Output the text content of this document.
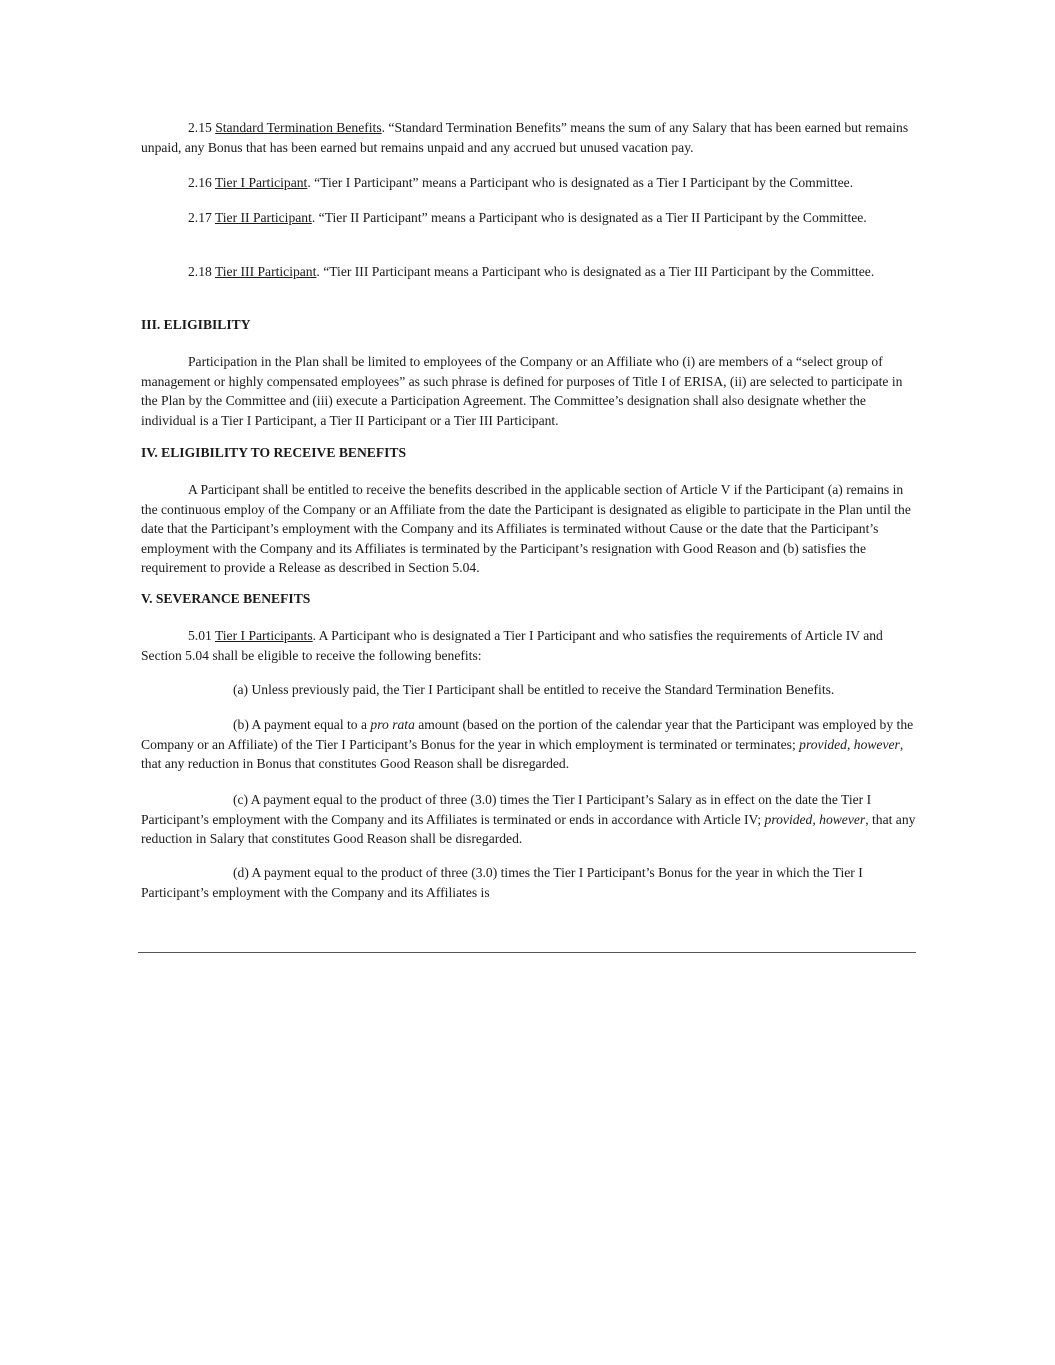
2.15 Standard Termination Benefits. “Standard Termination Benefits” means the sum of any Salary that has been earned but remains unpaid, any Bonus that has been earned but remains unpaid and any accrued but unused vacation pay.

2.16 Tier I Participant. “Tier I Participant” means a Participant who is designated as a Tier I Participant by the Committee.

2.17 Tier II Participant. “Tier II Participant” means a Participant who is designated as a Tier II Participant by the Committee.

2.18 Tier III Participant. “Tier III Participant means a Participant who is designated as a Tier III Participant by the Committee.

III. ELIGIBILITY

Participation in the Plan shall be limited to employees of the Company or an Affiliate who (i) are members of a “select group of management or highly compensated employees” as such phrase is defined for purposes of Title I of ERISA, (ii) are selected to participate in the Plan by the Committee and (iii) execute a Participation Agreement. The Committee’s designation shall also designate whether the individual is a Tier I Participant, a Tier II Participant or a Tier III Participant.

IV. ELIGIBILITY TO RECEIVE BENEFITS

A Participant shall be entitled to receive the benefits described in the applicable section of Article V if the Participant (a) remains in the continuous employ of the Company or an Affiliate from the date the Participant is designated as eligible to participate in the Plan until the date that the Participant’s employment with the Company and its Affiliates is terminated without Cause or the date that the Participant’s employment with the Company and its Affiliates is terminated by the Participant’s resignation with Good Reason and (b) satisfies the requirement to provide a Release as described in Section 5.04.

V. SEVERANCE BENEFITS

5.01 Tier I Participants. A Participant who is designated a Tier I Participant and who satisfies the requirements of Article IV and Section 5.04 shall be eligible to receive the following benefits:

(a) Unless previously paid, the Tier I Participant shall be entitled to receive the Standard Termination Benefits.

(b) A payment equal to a pro rata amount (based on the portion of the calendar year that the Participant was employed by the Company or an Affiliate) of the Tier I Participant’s Bonus for the year in which employment is terminated or terminates; provided, however, that any reduction in Bonus that constitutes Good Reason shall be disregarded.

(c) A payment equal to the product of three (3.0) times the Tier I Participant’s Salary as in effect on the date the Tier I Participant’s employment with the Company and its Affiliates is terminated or ends in accordance with Article IV; provided, however, that any reduction in Salary that constitutes Good Reason shall be disregarded.

(d) A payment equal to the product of three (3.0) times the Tier I Participant’s Bonus for the year in which the Tier I Participant’s employment with the Company and its Affiliates is
